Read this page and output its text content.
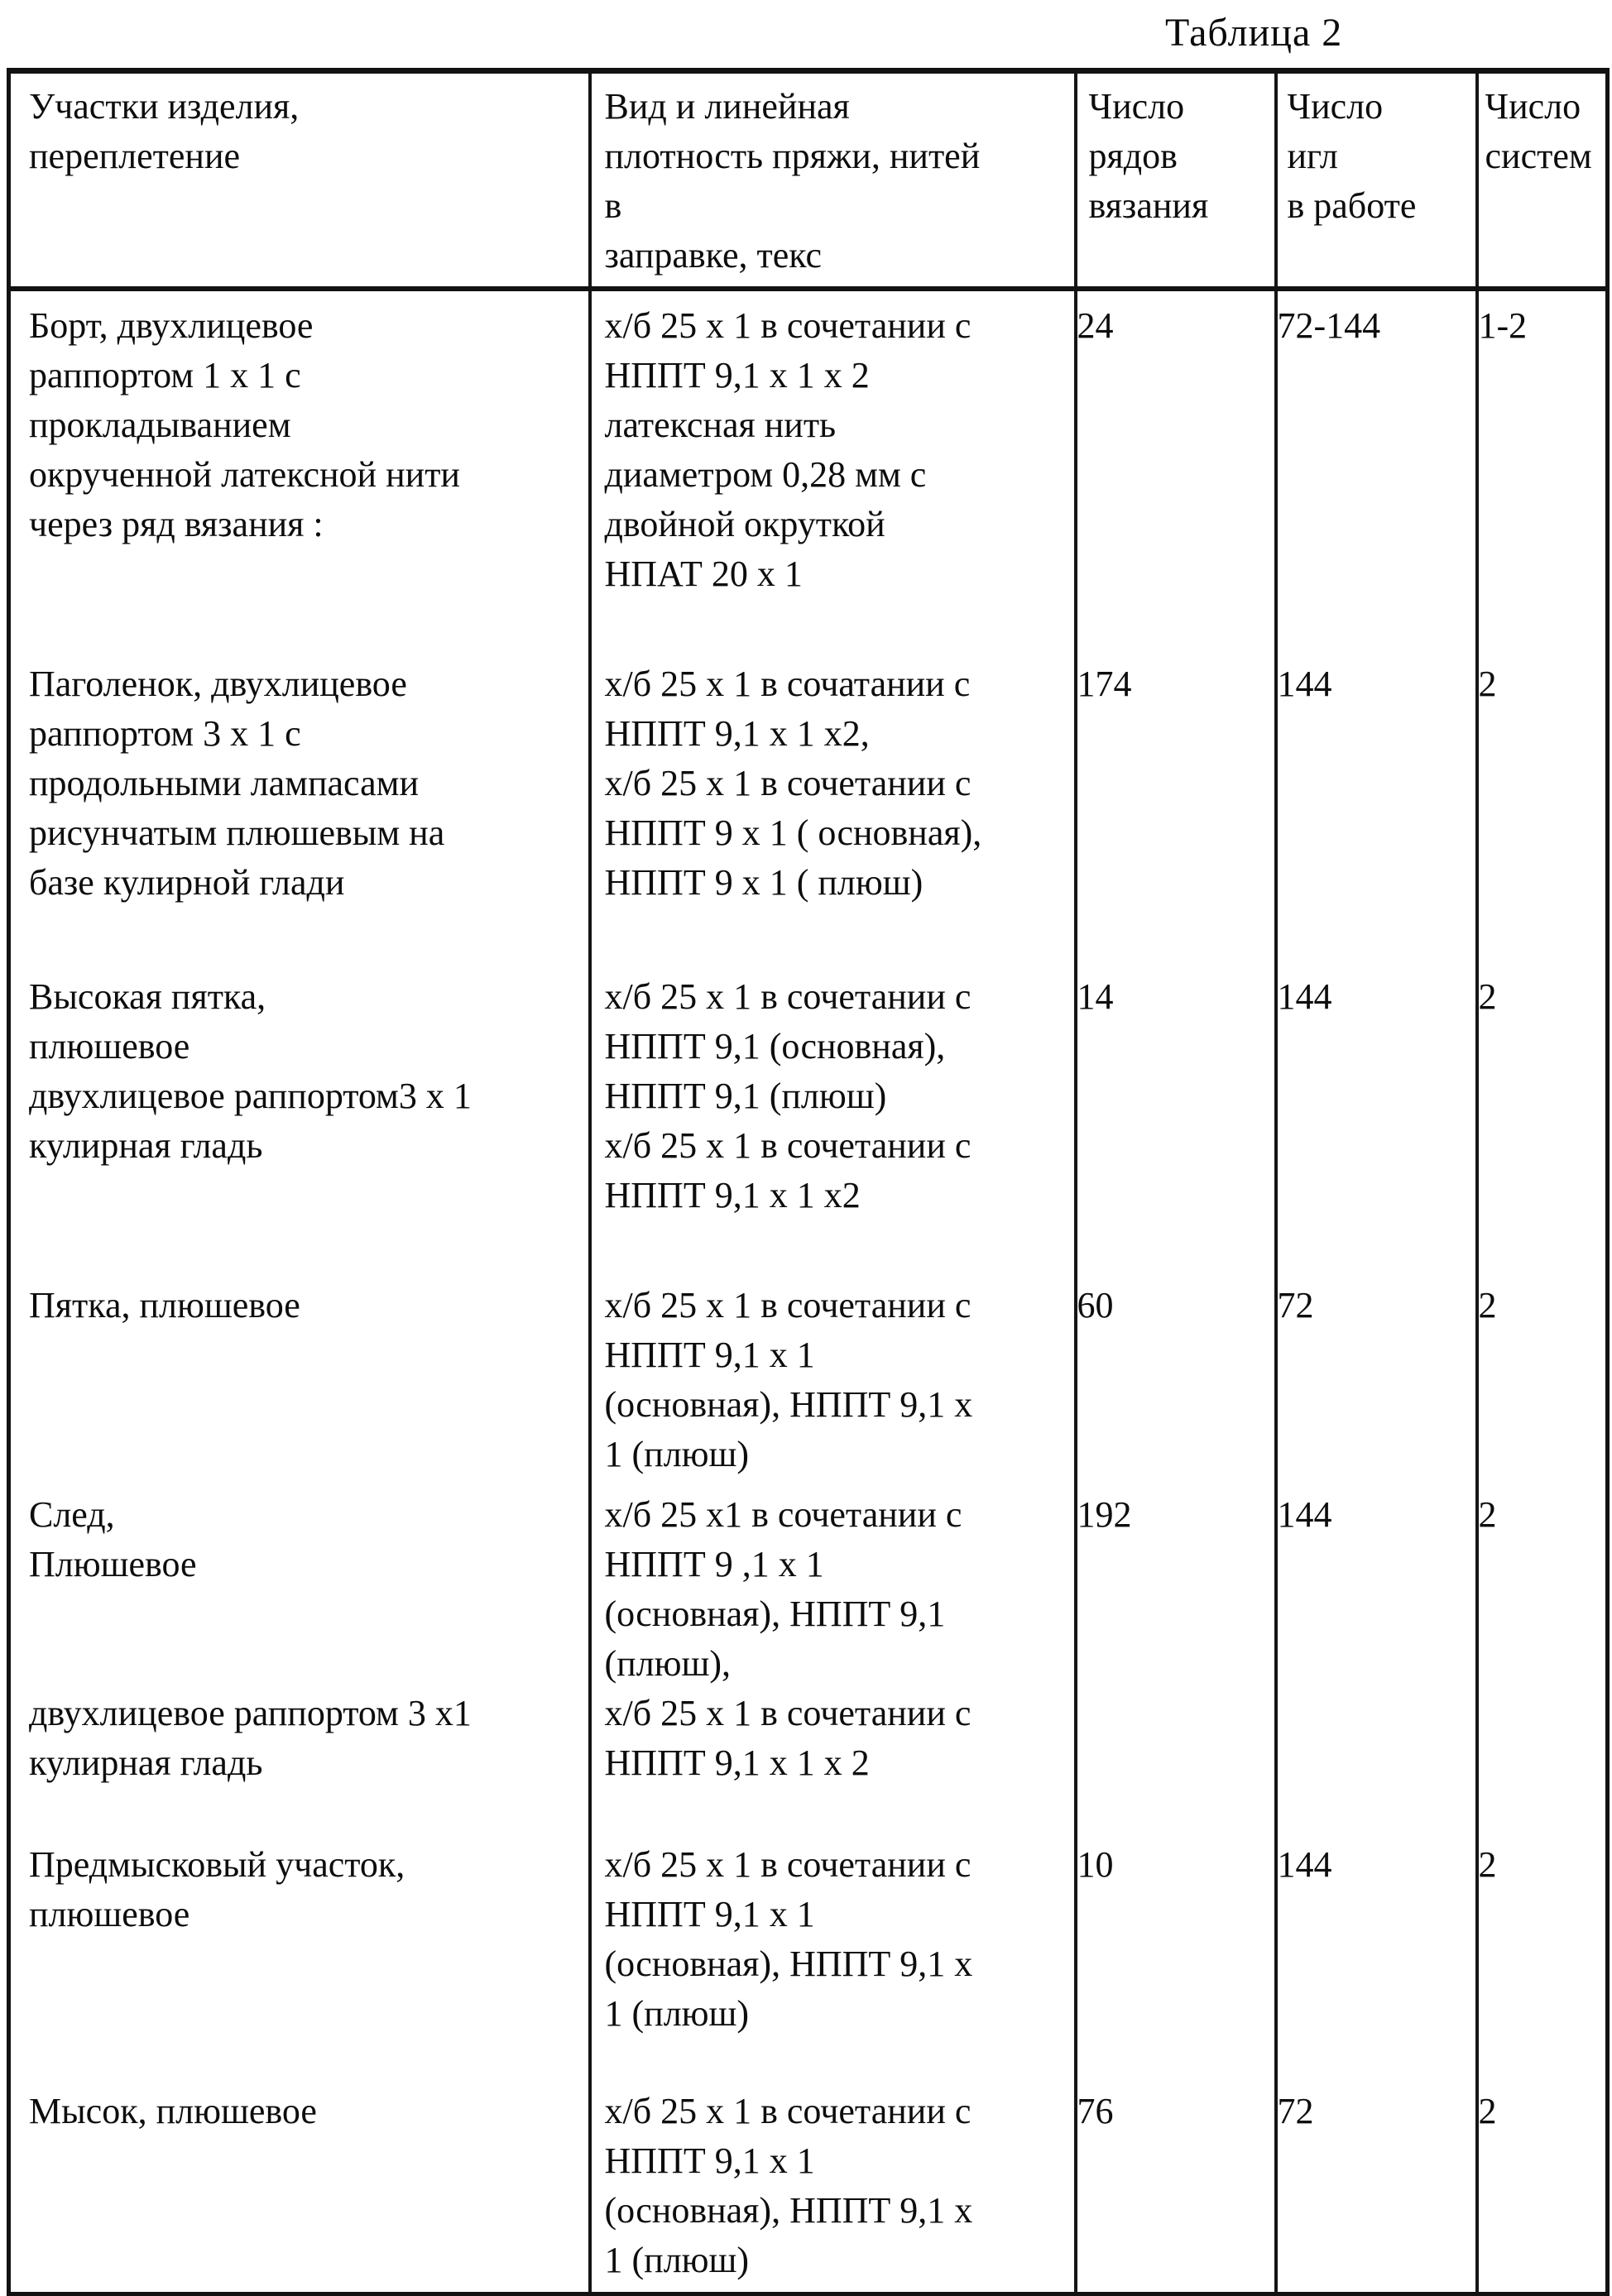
Таблица 2
Участки изделия,
переплетение	Вид и линейная
плотность пряжи, нитей
в
заправке, текс	Число
рядов
вязания	Число
игл
в работе	Число
систем
Борт, двухлицевое
раппортом 1 х 1 с
прокладыванием
окрученной латексной нити
через ряд вязания :	х/б 25 х 1 в сочетании с
НППТ 9,1 х 1 х 2
латексная нить
диаметром 0,28 мм с
двойной окруткой
НПАТ 20 х 1	24	72-144	1-2
Паголенок, двухлицевое
раппортом 3 х 1 с
продольными лампасами
рисунчатым плюшевым на
базе кулирной глади	х/б 25 х 1 в сочатании с
НППТ 9,1 х 1 х2,
х/б 25 х 1 в сочетании с
НППТ 9 х 1 ( основная),
НППТ 9 х 1 ( плюш)	174	144	2
Высокая пятка,
плюшевое
двухлицевое раппортом3 х 1
кулирная гладь	х/б 25 х 1 в сочетании с
НППТ 9,1 (основная),
НППТ 9,1 (плюш)
х/б 25 х 1 в сочетании с
НППТ 9,1 х 1 х2	14	144	2
Пятка, плюшевое	х/б 25 х 1 в сочетании с
НППТ 9,1 х 1
(основная), НППТ 9,1 х
1 (плюш)	60	72	2
След,
Плюшевое

двухлицевое раппортом 3 х1
кулирная гладь	х/б 25 х1 в сочетании с
НППТ 9 ,1 х 1
(основная), НППТ 9,1
(плюш),
х/б 25 х 1 в сочетании с
НППТ 9,1 х 1 х 2	192	144	2
Предмысковый участок,
плюшевое	х/б 25 х 1 в сочетании с
НППТ 9,1 х 1
(основная), НППТ 9,1 х
1 (плюш)	10	144	2
Мысок, плюшевое	х/б 25 х 1 в сочетании с
НППТ 9,1 х 1
(основная), НППТ 9,1 х
1 (плюш)	76	72	2
